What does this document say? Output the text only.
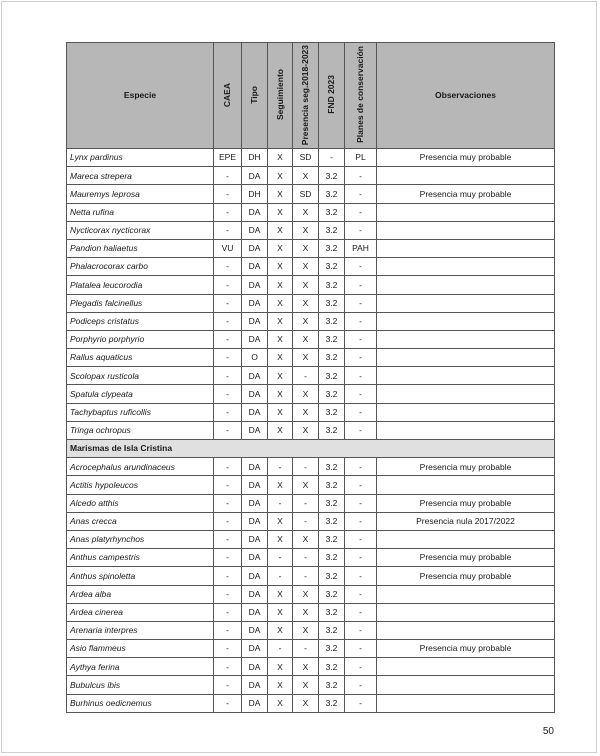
Especie	CAEA	Tipo	Seguimiento	Presencia seg.2018-2023	FND 2023	Planes de conservación	Observaciones
Lynx pardinus	EPE	DH	X	SD	-	PL	Presencia muy probable
Mareca strepera	-	DA	X	X	3.2	-	
Mauremys leprosa	-	DH	X	SD	3.2	-	Presencia muy probable
Netta rufina	-	DA	X	X	3.2	-	
Nycticorax nycticorax	-	DA	X	X	3.2	-	
Pandion haliaetus	VU	DA	X	X	3.2	PAH	
Phalacrocorax carbo	-	DA	X	X	3.2	-	
Platalea leucorodia	-	DA	X	X	3.2	-	
Plegadis falcinellus	-	DA	X	X	3.2	-	
Podiceps cristatus	-	DA	X	X	3.2	-	
Porphyrio porphyrio	-	DA	X	X	3.2	-	
Rallus aquaticus	-	O	X	X	3.2	-	
Scolopax rusticola	-	DA	X	-	3.2	-	
Spatula clypeata	-	DA	X	X	3.2	-	
Tachybaptus ruficollis	-	DA	X	X	3.2	-	
Tringa ochropus	-	DA	X	X	3.2	-	
Marismas de Isla Cristina							
Acrocephalus arundinaceus	-	DA	-	-	3.2	-	Presencia muy probable
Actitis hypoleucos	-	DA	X	X	3.2	-	
Alcedo atthis	-	DA	-	-	3.2	-	Presencia muy probable
Anas crecca	-	DA	X	-	3.2	-	Presencia nula 2017/2022
Anas platyrhynchos	-	DA	X	X	3.2	-	
Anthus campestris	-	DA	-	-	3.2	-	Presencia muy probable
Anthus spinoletta	-	DA	-	-	3.2	-	Presencia muy probable
Ardea alba	-	DA	X	X	3.2	-	
Ardea cinerea	-	DA	X	X	3.2	-	
Arenaria interpres	-	DA	X	X	3.2	-	
Asio flammeus	-	DA	-	-	3.2	-	Presencia muy probable
Aythya ferina	-	DA	X	X	3.2	-	
Bubulcus ibis	-	DA	X	X	3.2	-	
Burhinus oedicnemus	-	DA	X	X	3.2	-	
50
